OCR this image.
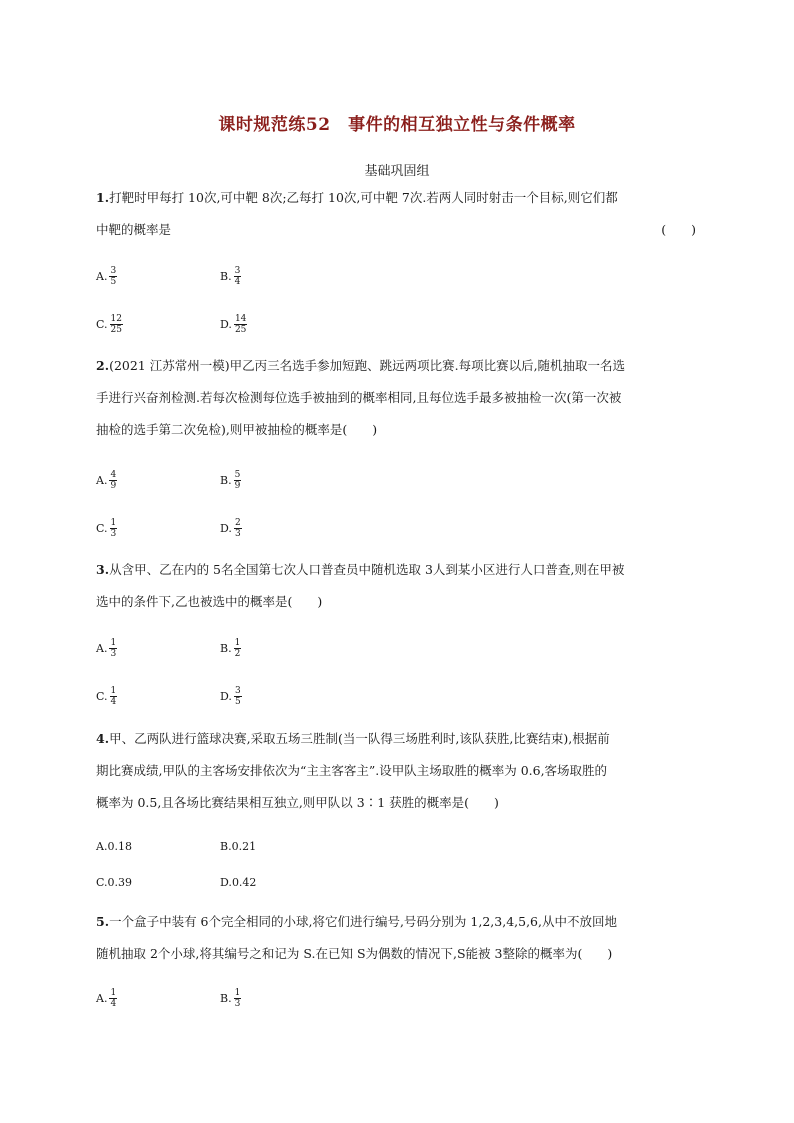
课时规范练52　事件的相互独立性与条件概率
基础巩固组
1.打靶时甲每打 10次,可中靶 8次;乙每打 10次,可中靶 7次.若两人同时射击一个目标,则它们都
中靶的概率是	(　　)
A. $\frac{3}{5}$	B. $\frac{3}{4}$
C. $\frac{12}{25}$	D. $\frac{14}{25}$
2.(2021 江苏常州一模)甲乙丙三名选手参加短跑、跳远两项比赛.每项比赛以后,随机抽取一名选
手进行兴奋剂检测.若每次检测每位选手被抽到的概率相同,且每位选手最多被抽检一次(第一次被
抽检的选手第二次免检),则甲被抽检的概率是(　　)
A. $\frac{4}{9}$	B. $\frac{5}{9}$
C. $\frac{1}{3}$	D. $\frac{2}{3}$
3.从含甲、乙在内的 5名全国第七次人口普查员中随机选取 3人到某小区进行人口普查,则在甲被
选中的条件下,乙也被选中的概率是(　　)
A. $\frac{1}{3}$	B. $\frac{1}{2}$
C. $\frac{1}{4}$	D. $\frac{3}{5}$
4.甲、乙两队进行篮球决赛,采取五场三胜制(当一队得三场胜利时,该队获胜,比赛结束),根据前
期比赛成绩,甲队的主客场安排依次为“主主客客主”.设甲队主场取胜的概率为 0.6,客场取胜的
概率为 0.5,且各场比赛结果相互独立,则甲队以 3∶1 获胜的概率是(　　)
A. 0.18	B. 0.21
C. 0.39	D. 0.42
5.一个盒子中装有 6个完全相同的小球,将它们进行编号,号码分别为 1,2,3,4,5,6,从中不放回地
随机抽取 2个小球,将其编号之和记为 S.在已知 S为偶数的情况下,S能被 3整除的概率为(　　)
A. $\frac{1}{4}$	B. $\frac{1}{3}$
